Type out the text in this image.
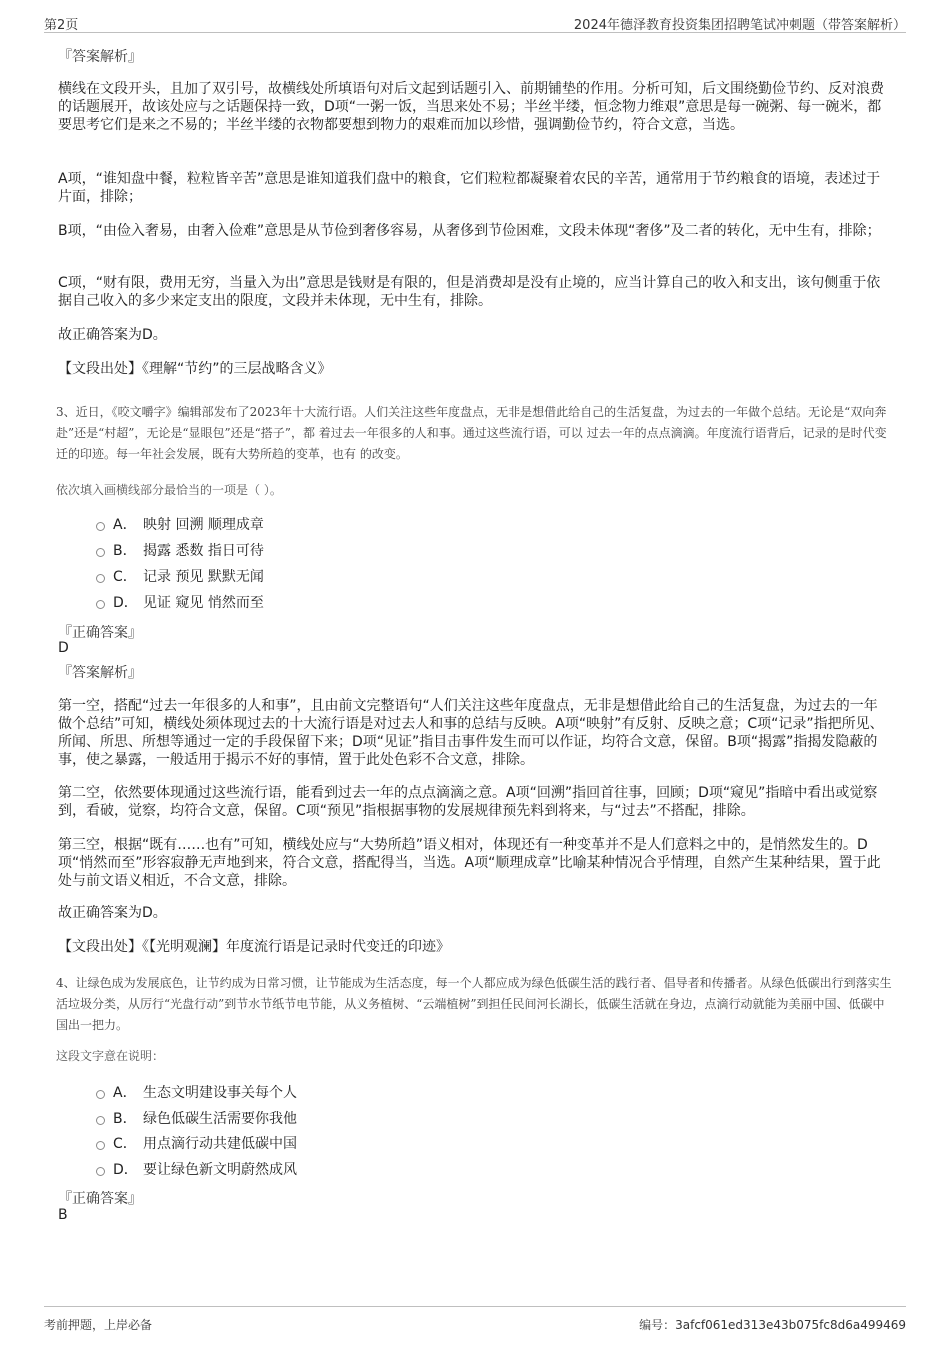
第2页	2024年德泽教育投资集团招聘笔试冲刺题（带答案解析）
『答案解析』
横线在文段开头，且加了双引号，故横线处所填语句对后文起到话题引入、前期铺垫的作用。分析可知，后文围绕勤俭节约、反对浪费的话题展开，故该处应与之话题保持一致，D项“一粥一饭，当思来处不易；半丝半缕，恒念物力维艰”意思是每一碗粥、每一碗米，都要思考它们是来之不易的；半丝半缕的衣物都要想到物力的艰难而加以珍惜，强调勤俭节约，符合文意，当选。
A项，“谁知盘中餐，粒粒皆辛苦”意思是谁知道我们盘中的粮食，它们粒粒都凝聚着农民的辛苦，通常用于节约粮食的语境，表述过于片面，排除；
B项，“由俭入奢易，由奢入俭难”意思是从节俭到奢侈容易，从奢侈到节俭困难，文段未体现“奢侈”及二者的转化，无中生有，排除；
C项，“财有限，费用无穷，当量入为出”意思是钱财是有限的，但是消费却是没有止境的，应当计算自己的收入和支出，该句侧重于依据自己收入的多少来定支出的限度，文段并未体现，无中生有，排除。
故正确答案为D。
【文段出处】《理解“节约”的三层战略含义》
3、近日，《咬文嚼字》编辑部发布了2023年十大流行语。人们关注这些年度盘点，无非是想借此给自己的生活复盘，为过去的一年做个总结。无论是“双向奔赴”还是“村超”，无论是“显眼包”还是“搭子”，都 着过去一年很多的人和事。通过这些流行语，可以 过去一年的点点滴滴。年度流行语背后，记录的是时代变迁的印迹。每一年社会发展，既有大势所趋的变革，也有 的改变。
依次填入画横线部分最恰当的一项是（ ）。
A． 映射 回溯 顺理成章
B． 揭露 悉数 指日可待
C． 记录 预见 默默无闻
D． 见证 窥见 悄然而至
『正确答案』
D
『答案解析』
第一空，搭配“过去一年很多的人和事”，且由前文完整语句“人们关注这些年度盘点，无非是想借此给自己的生活复盘，为过去的一年做个总结”可知，横线处须体现过去的十大流行语是对过去人和事的总结与反映。A项“映射”有反射、反映之意；C项“记录”指把所见、所闻、所思、所想等通过一定的手段保留下来；D项“见证”指目击事件发生而可以作证，均符合文意，保留。B项“揭露”指揭发隐蔽的事，使之暴露，一般适用于揭示不好的事情，置于此处色彩不合文意，排除。
第二空，依然要体现通过这些流行语，能看到过去一年的点点滴滴之意。A项“回溯”指回首往事，回顾；D项“窥见”指暗中看出或觉察到，看破，觉察，均符合文意，保留。C项“预见”指根据事物的发展规律预先料到将来，与“过去”不搭配，排除。
第三空，根据“既有……也有”可知，横线处应与“大势所趋”语义相对，体现还有一种变革并不是人们意料之中的，是悄然发生的。D项“悄然而至”形容寂静无声地到来，符合文意，搭配得当，当选。A项“顺理成章”比喻某种情况合乎情理，自然产生某种结果，置于此处与前文语义相近，不合文意，排除。
故正确答案为D。
【文段出处】《【光明观澜】年度流行语是记录时代变迁的印迹》
4、让绿色成为发展底色，让节约成为日常习惯，让节能成为生活态度，每一个人都应成为绿色低碳生活的践行者、倡导者和传播者。从绿色低碳出行到落实生活垃圾分类，从厉行“光盘行动”到节水节纸节电节能，从义务植树、“云端植树”到担任民间河长湖长，低碳生活就在身边，点滴行动就能为美丽中国、低碳中国出一把力。
这段文字意在说明：
A． 生态文明建设事关每个人
B． 绿色低碳生活需要你我他
C． 用点滴行动共建低碳中国
D． 要让绿色新文明蔚然成风
『正确答案』
B
考前押题，上岸必备	编号：3afcf061ed313e43b075fc8d6a499469
